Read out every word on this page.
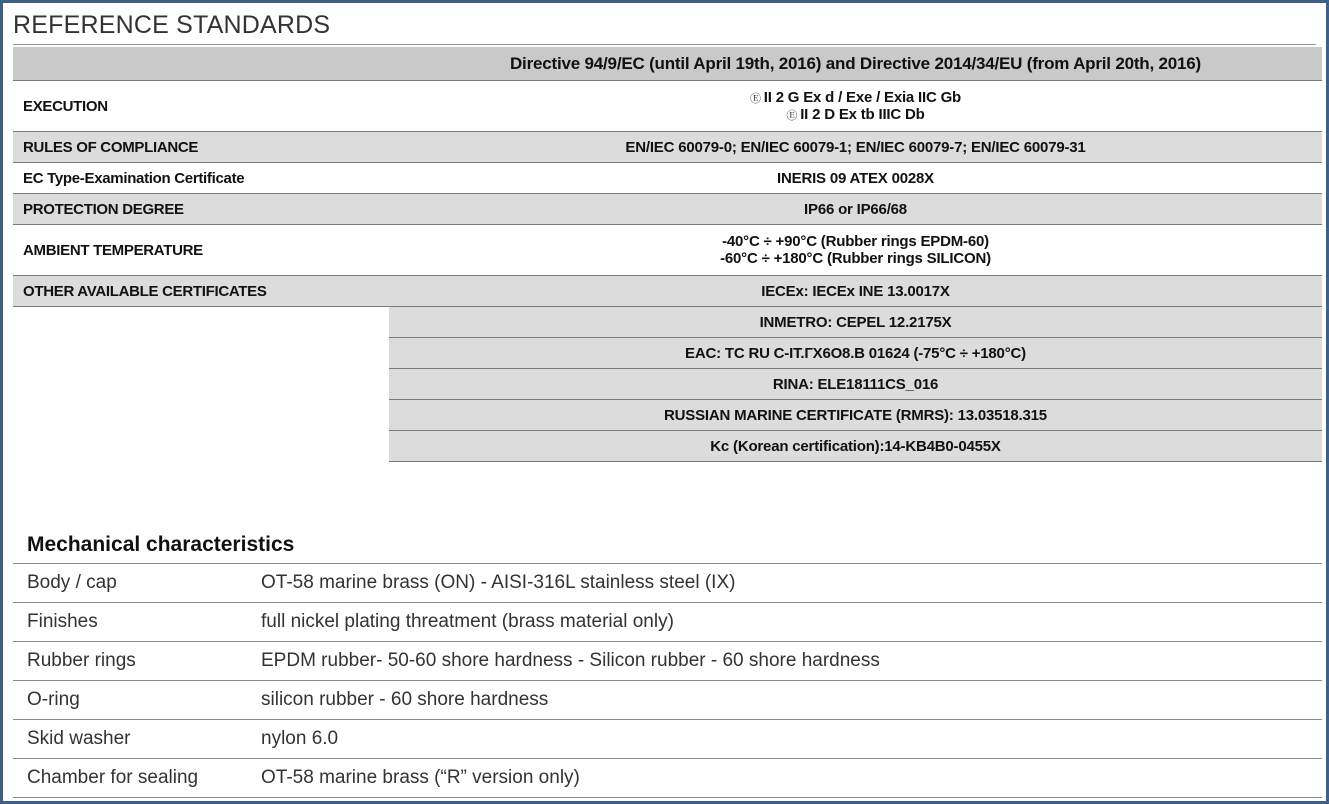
REFERENCE STANDARDS
	Directive 94/9/EC (until April 19th, 2016) and Directive 2014/34/EU (from April 20th, 2016)
EXECUTION	Ⓔ II 2 G Ex d / Exe / Exia IIC Gb
Ⓔ II 2 D Ex tb IIIC Db

RULES OF COMPLIANCE	EN/IEC 60079-0; EN/IEC 60079-1; EN/IEC 60079-7; EN/IEC 60079-31
EC Type-Examination Certificate	INERIS 09 ATEX 0028X
PROTECTION DEGREE	IP66 or IP66/68
AMBIENT TEMPERATURE	-40°C ÷ +90°C (Rubber rings EPDM-60)
-60°C ÷ +180°C (Rubber rings SILICON)

OTHER AVAILABLE CERTIFICATES	IECEx: IECEx INE 13.0017X
	INMETRO: CEPEL 12.2175X
	EAC: TC RU C-IT.ГХ6О8.B 01624 (-75°C ÷ +180°C)
	RINA: ELE18111CS_016
	RUSSIAN MARINE CERTIFICATE (RMRS): 13.03518.315
	Kc (Korean certification):14-KB4B0-0455X
Mechanical characteristics
Body / cap	OT-58 marine brass (ON) - AISI-316L stainless steel (IX)
Finishes	full nickel plating threatment (brass material only)
Rubber rings	EPDM rubber- 50-60 shore hardness - Silicon rubber - 60 shore hardness
O-ring	silicon rubber - 60 shore hardness
Skid washer	nylon 6.0
Chamber for sealing	OT-58 marine brass (“R” version only)
